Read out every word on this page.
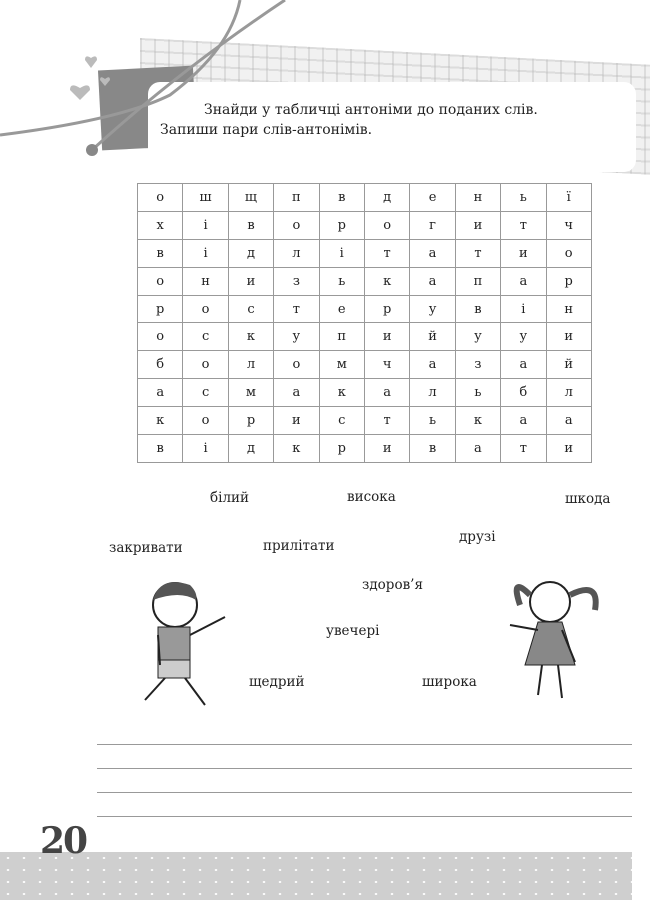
Знайди у табличці антоніми до поданих слів. Запиши пари слів-антонімів.
о	ш	щ	п	в	д	е	н	ь	ї
х	і	в	о	р	о	г	и	т	ч
в	і	д	л	і	т	а	т	и	о
о	н	и	з	ь	к	а	п	а	р
р	о	с	т	е	р	у	в	і	н
о	с	к	у	п	и	й	у	у	и
б	о	л	о	м	ч	а	з	а	й
а	с	м	а	к	а	л	ь	б	л
к	о	р	и	с	т	ь	к	а	а
в	і	д	к	р	и	в	а	т	и
білий	висока	шкода
закривати	прилітати
друзі
здоров’я
увечері
щедрий	широка
20
